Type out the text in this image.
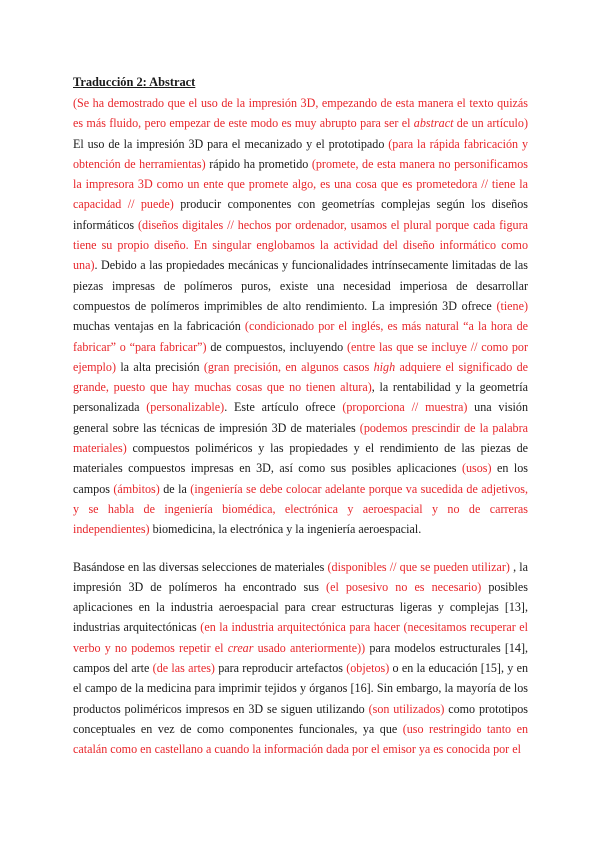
Traducción 2: Abstract

(Se ha demostrado que el uso de la impresión 3D, empezando de esta manera el texto quizás es más fluido, pero empezar de este modo es muy abrupto para ser el abstract de un artículo) El uso de la impresión 3D para el mecanizado y el prototipado (para la rápida fabricación y obtención de herramientas) rápido ha prometido (promete, de esta manera no personificamos la impresora 3D como un ente que promete algo, es una cosa que es prometedora // tiene la capacidad // puede) producir componentes con geometrías complejas según los diseños informáticos (diseños digitales // hechos por ordenador, usamos el plural porque cada figura tiene su propio diseño. En singular englobamos la actividad del diseño informático como una). Debido a las propiedades mecánicas y funcionalidades intrínsecamente limitadas de las piezas impresas de polímeros puros, existe una necesidad imperiosa de desarrollar compuestos de polímeros imprimibles de alto rendimiento. La impresión 3D ofrece (tiene) muchas ventajas en la fabricación (condicionado por el inglés, es más natural “a la hora de fabricar” o “para fabricar”) de compuestos, incluyendo (entre las que se incluye // como por ejemplo) la alta precisión (gran precisión, en algunos casos high adquiere el significado de grande, puesto que hay muchas cosas que no tienen altura), la rentabilidad y la geometría personalizada (personalizable). Este artículo ofrece (proporciona // muestra) una visión general sobre las técnicas de impresión 3D de materiales (podemos prescindir de la palabra materiales) compuestos poliméricos y las propiedades y el rendimiento de las piezas de materiales compuestos impresas en 3D, así como sus posibles aplicaciones (usos) en los campos (ámbitos) de la (ingeniería se debe colocar adelante porque va sucedida de adjetivos, y se habla de ingeniería biomédica, electrónica y aeroespacial y no de carreras independientes) biomedicina, la electrónica y la ingeniería aeroespacial.

Basándose en las diversas selecciones de materiales (disponibles // que se pueden utilizar) , la impresión 3D de polímeros ha encontrado sus (el posesivo no es necesario) posibles aplicaciones en la industria aeroespacial para crear estructuras ligeras y complejas [13], industrias arquitectónicas (en la industria arquitectónica para hacer (necesitamos recuperar el verbo y no podemos repetir el crear usado anteriormente)) para modelos estructurales [14], campos del arte (de las artes) para reproducir artefactos (objetos) o en la educación [15], y en el campo de la medicina para imprimir tejidos y órganos [16]. Sin embargo, la mayoría de los productos poliméricos impresos en 3D se siguen utilizando (son utilizados) como prototipos conceptuales en vez de como componentes funcionales, ya que (uso restringido tanto en catalán como en castellano a cuando la información dada por el emisor ya es conocida por el
